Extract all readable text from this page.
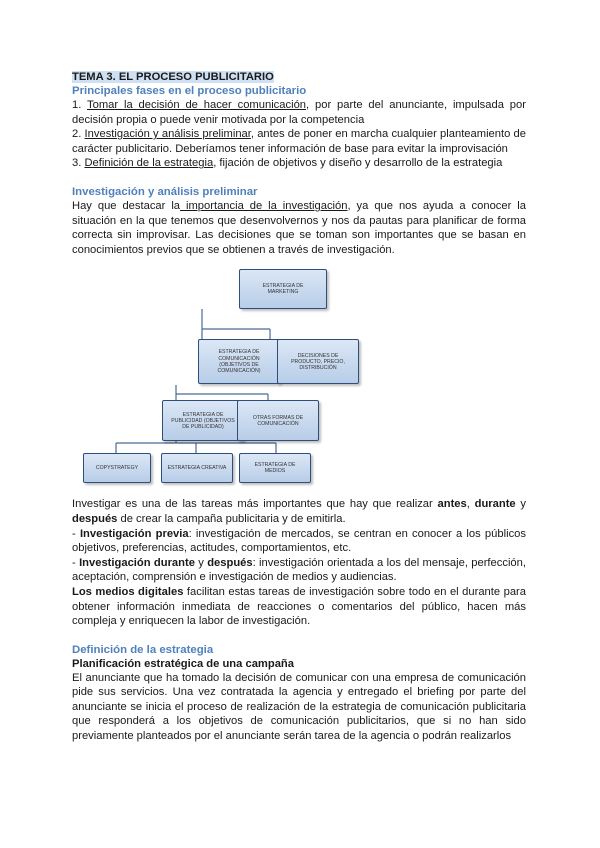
TEMA 3. EL PROCESO PUBLICITARIO

Principales fases en el proceso publicitario

1. Tomar la decisión de hacer comunicación, por parte del anunciante, impulsada por decisión propia o puede venir motivada por la competencia

2. Investigación y análisis preliminar, antes de poner en marcha cualquier planteamiento de carácter publicitario. Deberíamos tener información de base para evitar la improvisación

3. Definición de la estrategia, fijación de objetivos y diseño y desarrollo de la estrategia

Investigación y análisis preliminar

Hay que destacar la importancia de la investigación, ya que nos ayuda a conocer la situación en la que tenemos que desenvolvernos y nos da pautas para planificar de forma correcta sin improvisar. Las decisiones que se toman son importantes que se basan en conocimientos previos que se obtienen a través de investigación.

ESTRATEGIA DE MARKETING
ESTRATEGIA DE COMUNICACIÓN (OBJETIVOS DE COMUNICACIÓN)
DECISIONES DE PRODUCTO, PRECIO, DISTRIBUCIÓN
ESTRATEGIA DE PUBLICIDAD (OBJETIVOS DE PUBLICIDAD)
OTRAS FORMAS DE COMUNICACIÓN
COPYSTRATEGY	ESTRATEGIA CREATIVA
ESTRATEGIA DE MEDIOS

Investigar es una de las tareas más importantes que hay que realizar antes, durante y después de crear la campaña publicitaria y de emitirla.

- Investigación previa: investigación de mercados, se centran en conocer a los públicos objetivos, preferencias, actitudes, comportamientos, etc.

- Investigación durante y después: investigación orientada a los del mensaje, perfección, aceptación, comprensión e investigación de medios y audiencias.

Los medios digitales facilitan estas tareas de investigación sobre todo en el durante para obtener información inmediata de reacciones o comentarios del público, hacen más compleja y enriquecen la labor de investigación.

Definición de la estrategia

Planificación estratégica de una campaña

El anunciante que ha tomado la decisión de comunicar con una empresa de comunicación pide sus servicios. Una vez contratada la agencia y entregado el briefing por parte del anunciante se inicia el proceso de realización de la estrategia de comunicación publicitaria que responderá a los objetivos de comunicación publicitarios, que si no han sido previamente planteados por el anunciante serán tarea de la agencia o podrán realizarlos
